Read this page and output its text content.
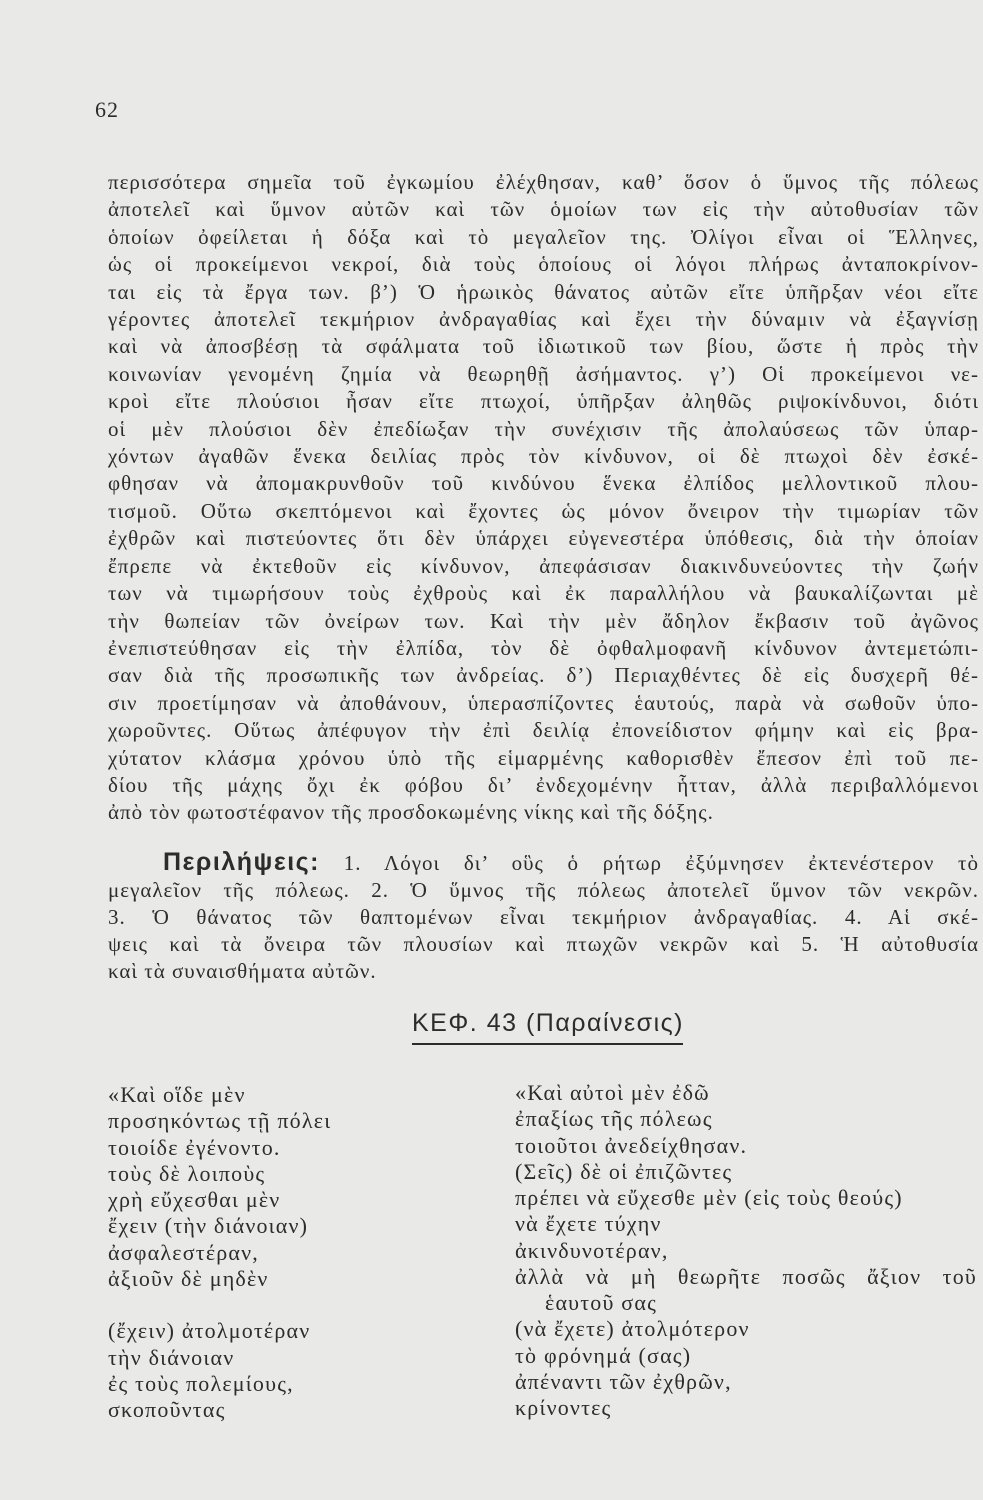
62
περισσότερα σημεῖα τοῦ ἐγκωμίου ἐλέχθησαν, καθ’ ὅσον ὁ ὕμνος τῆς πόλεως
ἀποτελεῖ καὶ ὕμνον αὐτῶν καὶ τῶν ὁμοίων των εἰς τὴν αὐτοθυσίαν τῶν
ὁποίων ὀφείλεται ἡ δόξα καὶ τὸ μεγαλεῖον της. Ὀλίγοι εἶναι οἱ Ἕλληνες,
ὡς οἱ προκείμενοι νεκροί, διὰ τοὺς ὁποίους οἱ λόγοι πλήρως ἀνταποκρίνον-
ται εἰς τὰ ἔργα των. β’) Ὁ ἡρωικὸς θάνατος αὐτῶν εἴτε ὑπῆρξαν νέοι εἴτε
γέροντες ἀποτελεῖ τεκμήριον ἀνδραγαθίας καὶ ἔχει τὴν δύναμιν νὰ ἐξαγνίσῃ
καὶ νὰ ἀποσβέσῃ τὰ σφάλματα τοῦ ἰδιωτικοῦ των βίου, ὥστε ἡ πρὸς τὴν
κοινωνίαν γενομένη ζημία νὰ θεωρηθῇ ἀσήμαντος. γ’) Οἱ προκείμενοι νε-
κροὶ εἴτε πλούσιοι ἦσαν εἴτε πτωχοί, ὑπῆρξαν ἀληθῶς ριψοκίνδυνοι, διότι
οἱ μὲν πλούσιοι δὲν ἐπεδίωξαν τὴν συνέχισιν τῆς ἀπολαύσεως τῶν ὑπαρ-
χόντων ἀγαθῶν ἕνεκα δειλίας πρὸς τὸν κίνδυνον, οἱ δὲ πτωχοὶ δὲν ἐσκέ-
φθησαν νὰ ἀπομακρυνθοῦν τοῦ κινδύνου ἕνεκα ἐλπίδος μελλοντικοῦ πλου-
τισμοῦ. Οὕτω σκεπτόμενοι καὶ ἔχοντες ὡς μόνον ὄνειρον τὴν τιμωρίαν τῶν
ἐχθρῶν καὶ πιστεύοντες ὅτι δὲν ὑπάρχει εὐγενεστέρα ὑπόθεσις, διὰ τὴν ὁποίαν
ἔπρεπε νὰ ἐκτεθοῦν εἰς κίνδυνον, ἀπεφάσισαν διακινδυνεύοντες τὴν ζωήν
των νὰ τιμωρήσουν τοὺς ἐχθροὺς καὶ ἐκ παραλλήλου νὰ βαυκαλίζωνται μὲ
τὴν θωπείαν τῶν ὀνείρων των. Καὶ τὴν μὲν ἄδηλον ἔκβασιν τοῦ ἀγῶνος
ἐνεπιστεύθησαν εἰς τὴν ἐλπίδα, τὸν δὲ ὀφθαλμοφανῆ κίνδυνον ἀντεμετώπι-
σαν διὰ τῆς προσωπικῆς των ἀνδρείας. δ’) Περιαχθέντες δὲ εἰς δυσχερῆ θέ-
σιν προετίμησαν νὰ ἀποθάνουν, ὑπερασπίζοντες ἑαυτούς, παρὰ νὰ σωθοῦν ὑπο-
χωροῦντες. Οὕτως ἀπέφυγον τὴν ἐπὶ δειλίᾳ ἐπονείδιστον φήμην καὶ εἰς βρα-
χύτατον κλάσμα χρόνου ὑπὸ τῆς εἱμαρμένης καθορισθὲν ἔπεσον ἐπὶ τοῦ πε-
δίου τῆς μάχης ὄχι ἐκ φόβου δι’ ἐνδεχομένην ἧτταν, ἀλλὰ περιβαλλόμενοι
ἀπὸ τὸν φωτοστέφανον τῆς προσδοκωμένης νίκης καὶ τῆς δόξης.
Περιλήψεις: 1. Λόγοι δι’ οὓς ὁ ρήτωρ ἐξύμνησεν ἐκτενέστερον τὸ
μεγαλεῖον τῆς πόλεως. 2. Ὁ ὕμνος τῆς πόλεως ἀποτελεῖ ὕμνον τῶν νεκρῶν.
3. Ὁ θάνατος τῶν θαπτομένων εἶναι τεκμήριον ἀνδραγαθίας. 4. Αἱ σκέ-
ψεις καὶ τὰ ὄνειρα τῶν πλουσίων καὶ πτωχῶν νεκρῶν καὶ 5. Ἡ αὐτοθυσία
καὶ τὰ συναισθήματα αὐτῶν.
ΚΕΦ. 43 (Παραίνεσις)
«Καὶ οἵδε μὲν
προσηκόντως τῇ πόλει
τοιοίδε ἐγένοντο.
τοὺς δὲ λοιποὺς
χρὴ εὔχεσθαι μὲν
ἔχειν (τὴν διάνοιαν)
ἀσφαλεστέραν,
ἀξιοῦν δὲ μηδὲν
(ἔχειν) ἀτολμοτέραν
τὴν διάνοιαν
ἐς τοὺς πολεμίους,
σκοποῦντας
«Καὶ αὐτοὶ μὲν ἐδῶ
ἐπαξίως τῆς πόλεως
τοιοῦτοι ἀνεδείχθησαν.
(Σεῖς) δὲ οἱ ἐπιζῶντες
πρέπει νὰ εὔχεσθε μὲν (εἰς τοὺς θεούς)
νὰ ἔχετε τύχην
ἀκινδυνοτέραν,
ἀλλὰ νὰ μὴ θεωρῆτε ποσῶς ἄξιον τοῦ
ἑαυτοῦ σας
(νὰ ἔχετε) ἀτολμότερον
τὸ φρόνημά (σας)
ἀπέναντι τῶν ἐχθρῶν,
κρίνοντες
